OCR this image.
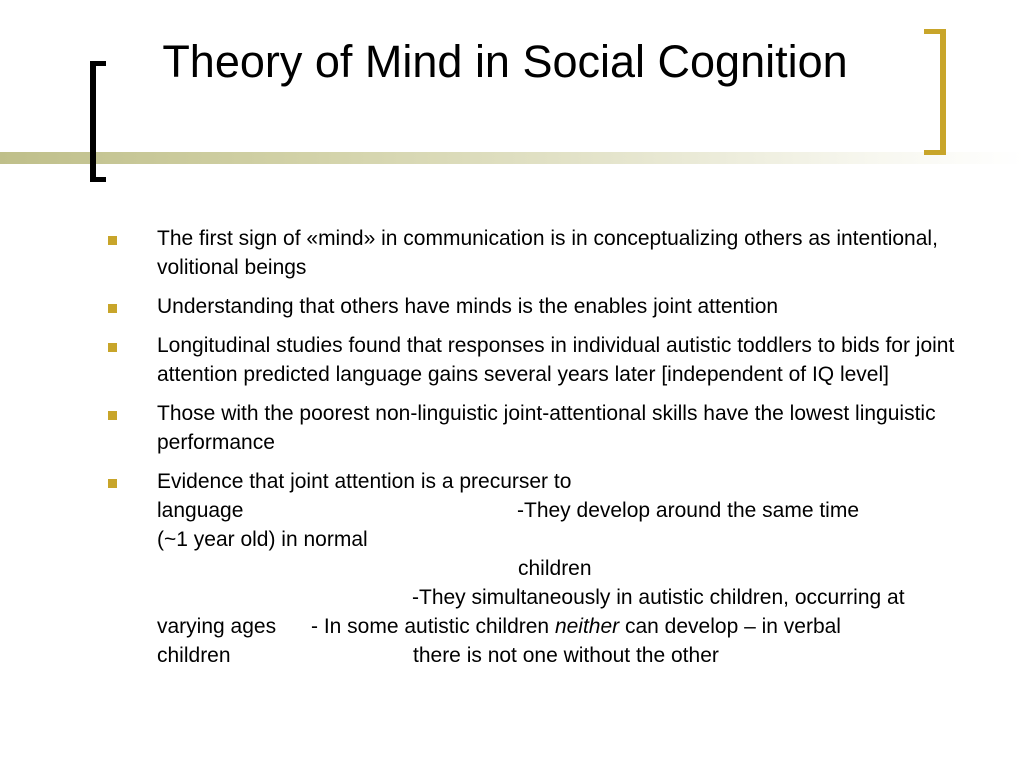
Theory of Mind in Social Cognition
The first sign of «mind» in communication is in conceptualizing others as intentional, volitional beings
Understanding that others have minds is the enables joint attention
Longitudinal studies found that responses in individual autistic toddlers to bids for joint attention predicted language gains several years later [independent of IQ level]
Those with the poorest non-linguistic joint-attentional skills have the lowest linguistic performance
Evidence that joint attention is a precurser to
language	-They develop around the same time
(~1 year old) in normal
children
-They simultaneously in autistic children, occurring at
varying ages - In some autistic children neither can develop – in verbal
children	there is not one without the other
